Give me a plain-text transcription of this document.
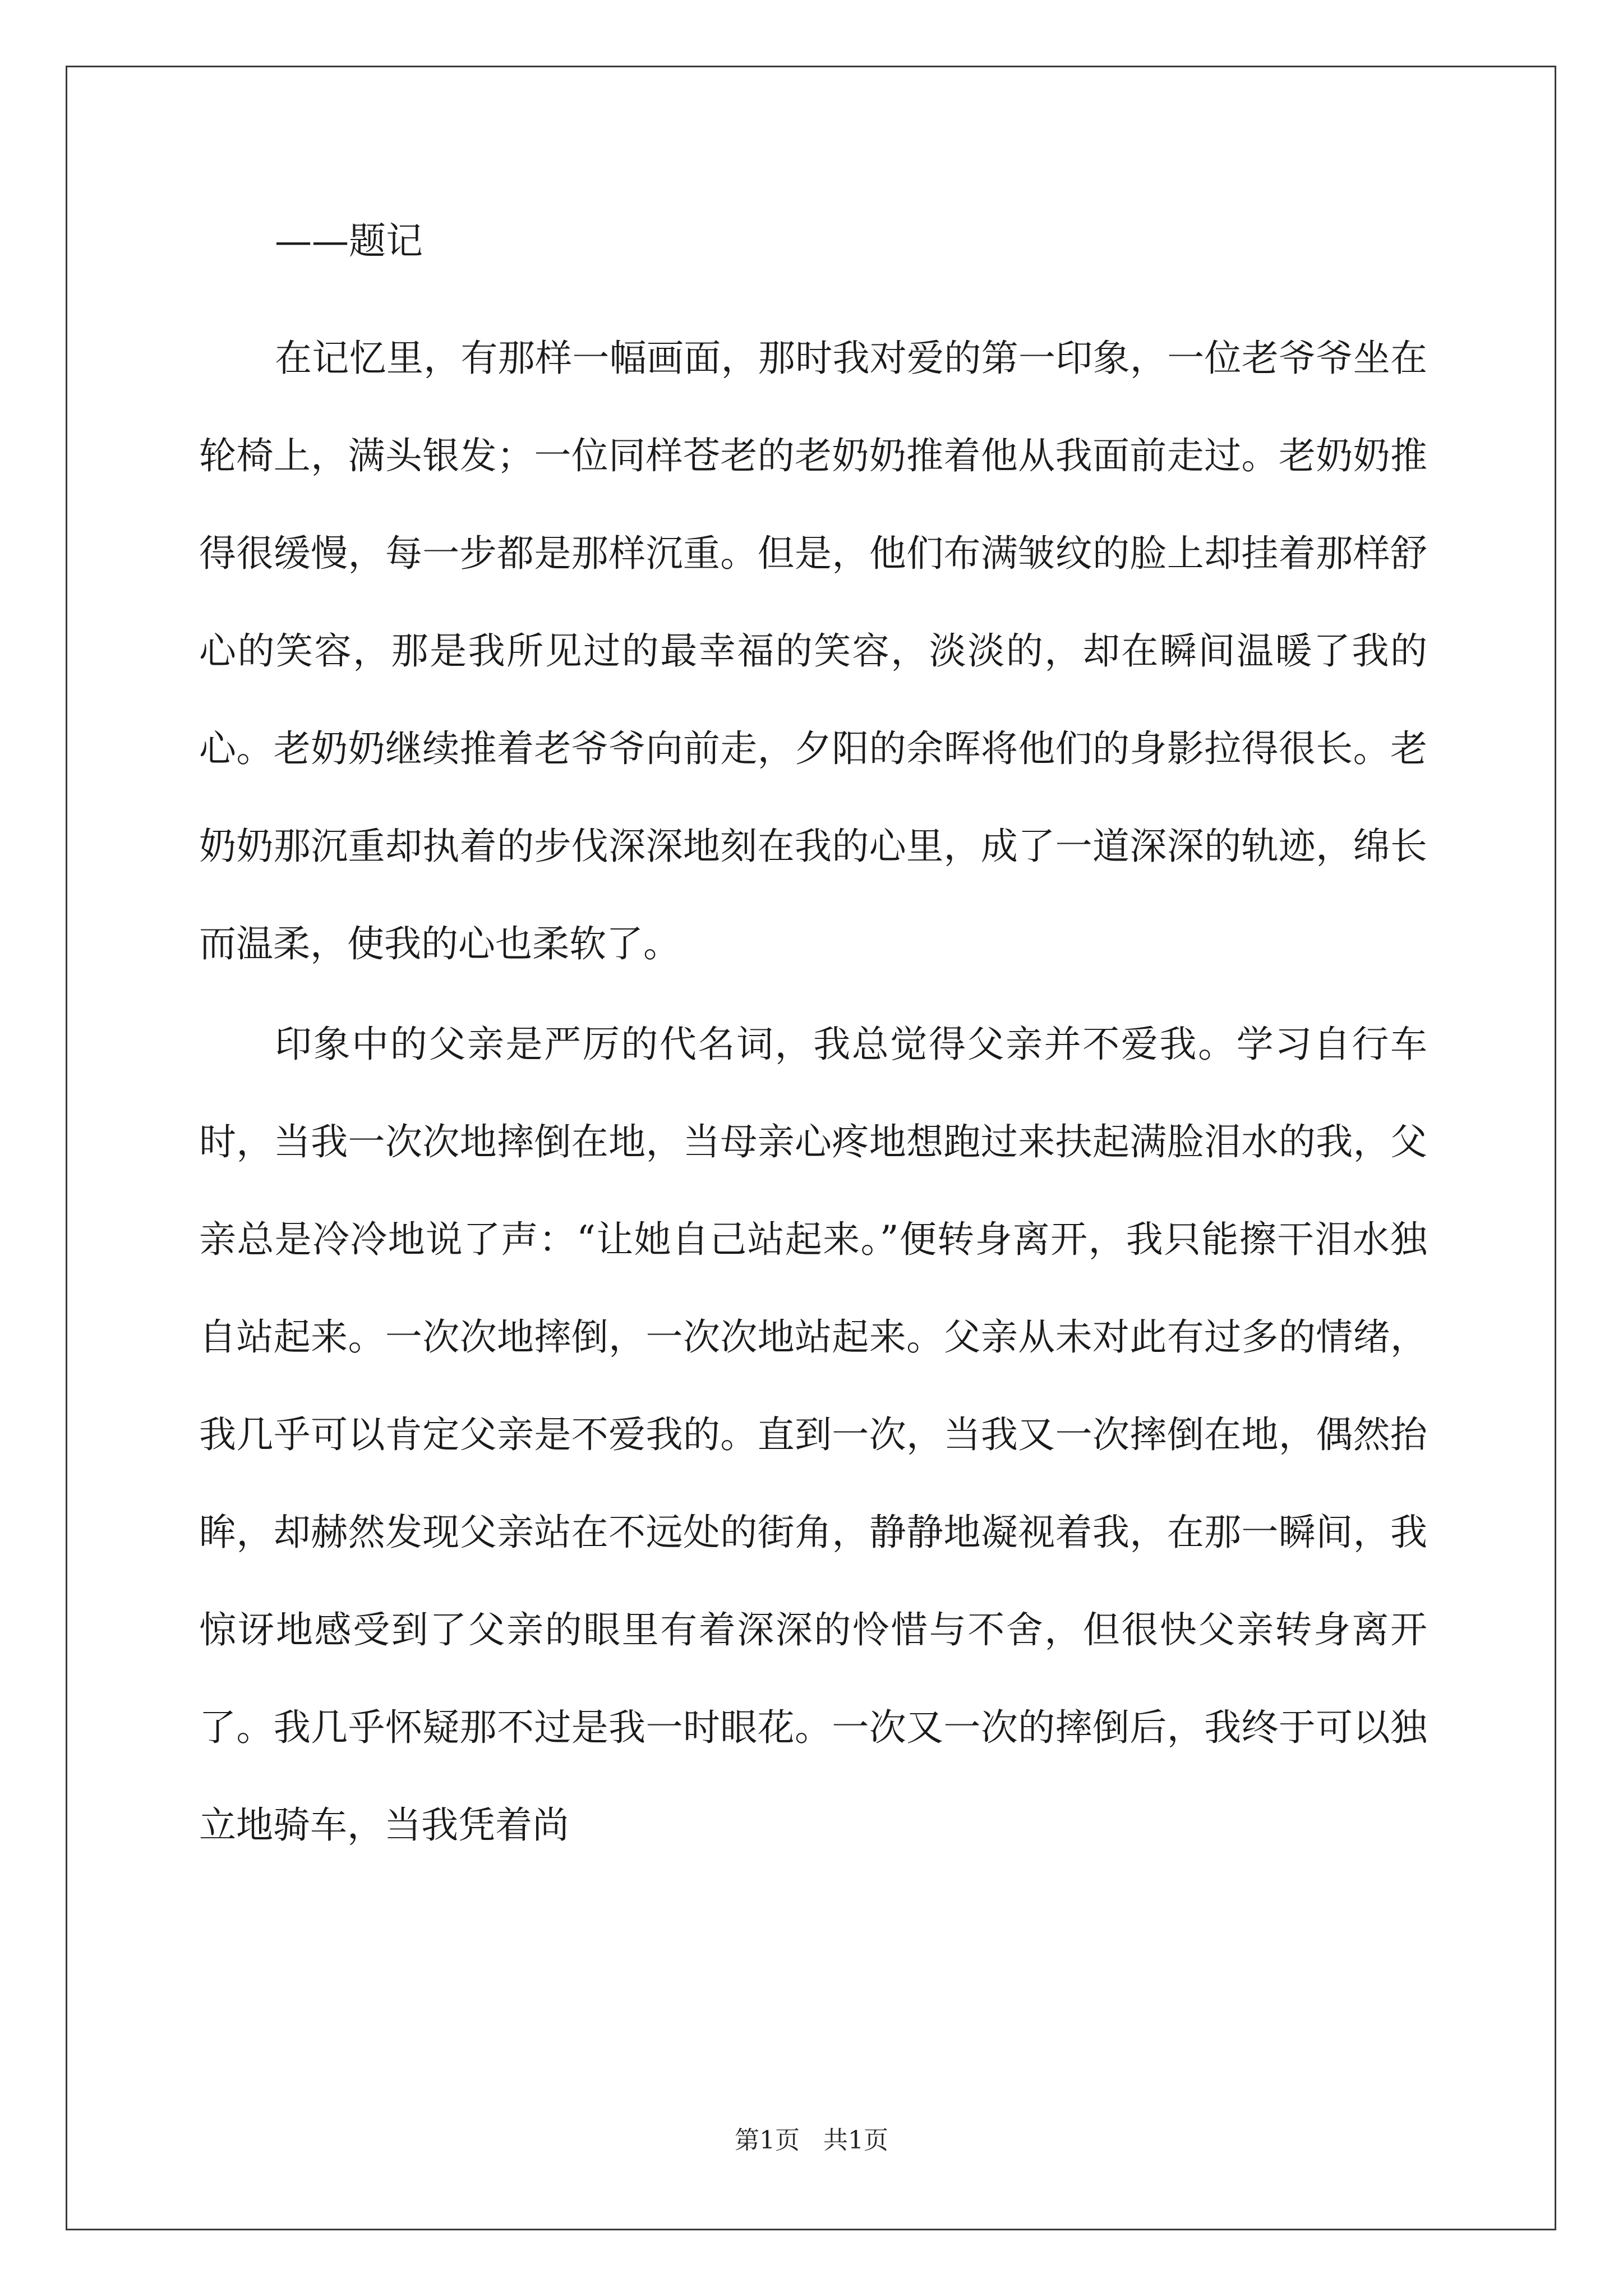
——题记

在记忆里，有那样一幅画面，那时我对爱的第一印象，一位老爷爷坐在轮椅上，满头银发；一位同样苍老的老奶奶推着他从我面前走过。老奶奶推得很缓慢，每一步都是那样沉重。但是，他们布满皱纹的脸上却挂着那样舒心的笑容，那是我所见过的最幸福的笑容，淡淡的，却在瞬间温暖了我的心。老奶奶继续推着老爷爷向前走，夕阳的余晖将他们的身影拉得很长。老奶奶那沉重却执着的步伐深深地刻在我的心里，成了一道深深的轨迹，绵长而温柔，使我的心也柔软了。

印象中的父亲是严厉的代名词，我总觉得父亲并不爱我。学习自行车时，当我一次次地摔倒在地，当母亲心疼地想跑过来扶起满脸泪水的我，父亲总是冷冷地说了声：“让她自己站起来。”便转身离开，我只能擦干泪水独自站起来。一次次地摔倒，一次次地站起来。父亲从未对此有过多的情绪，我几乎可以肯定父亲是不爱我的。直到一次，当我又一次摔倒在地，偶然抬眸，却赫然发现父亲站在不远处的街角，静静地凝视着我，在那一瞬间，我惊讶地感受到了父亲的眼里有着深深的怜惜与不舍，但很快父亲转身离开了。我几乎怀疑那不过是我一时眼花。一次又一次的摔倒后，我终于可以独立地骑车，当我凭着尚

第1页   共1页
